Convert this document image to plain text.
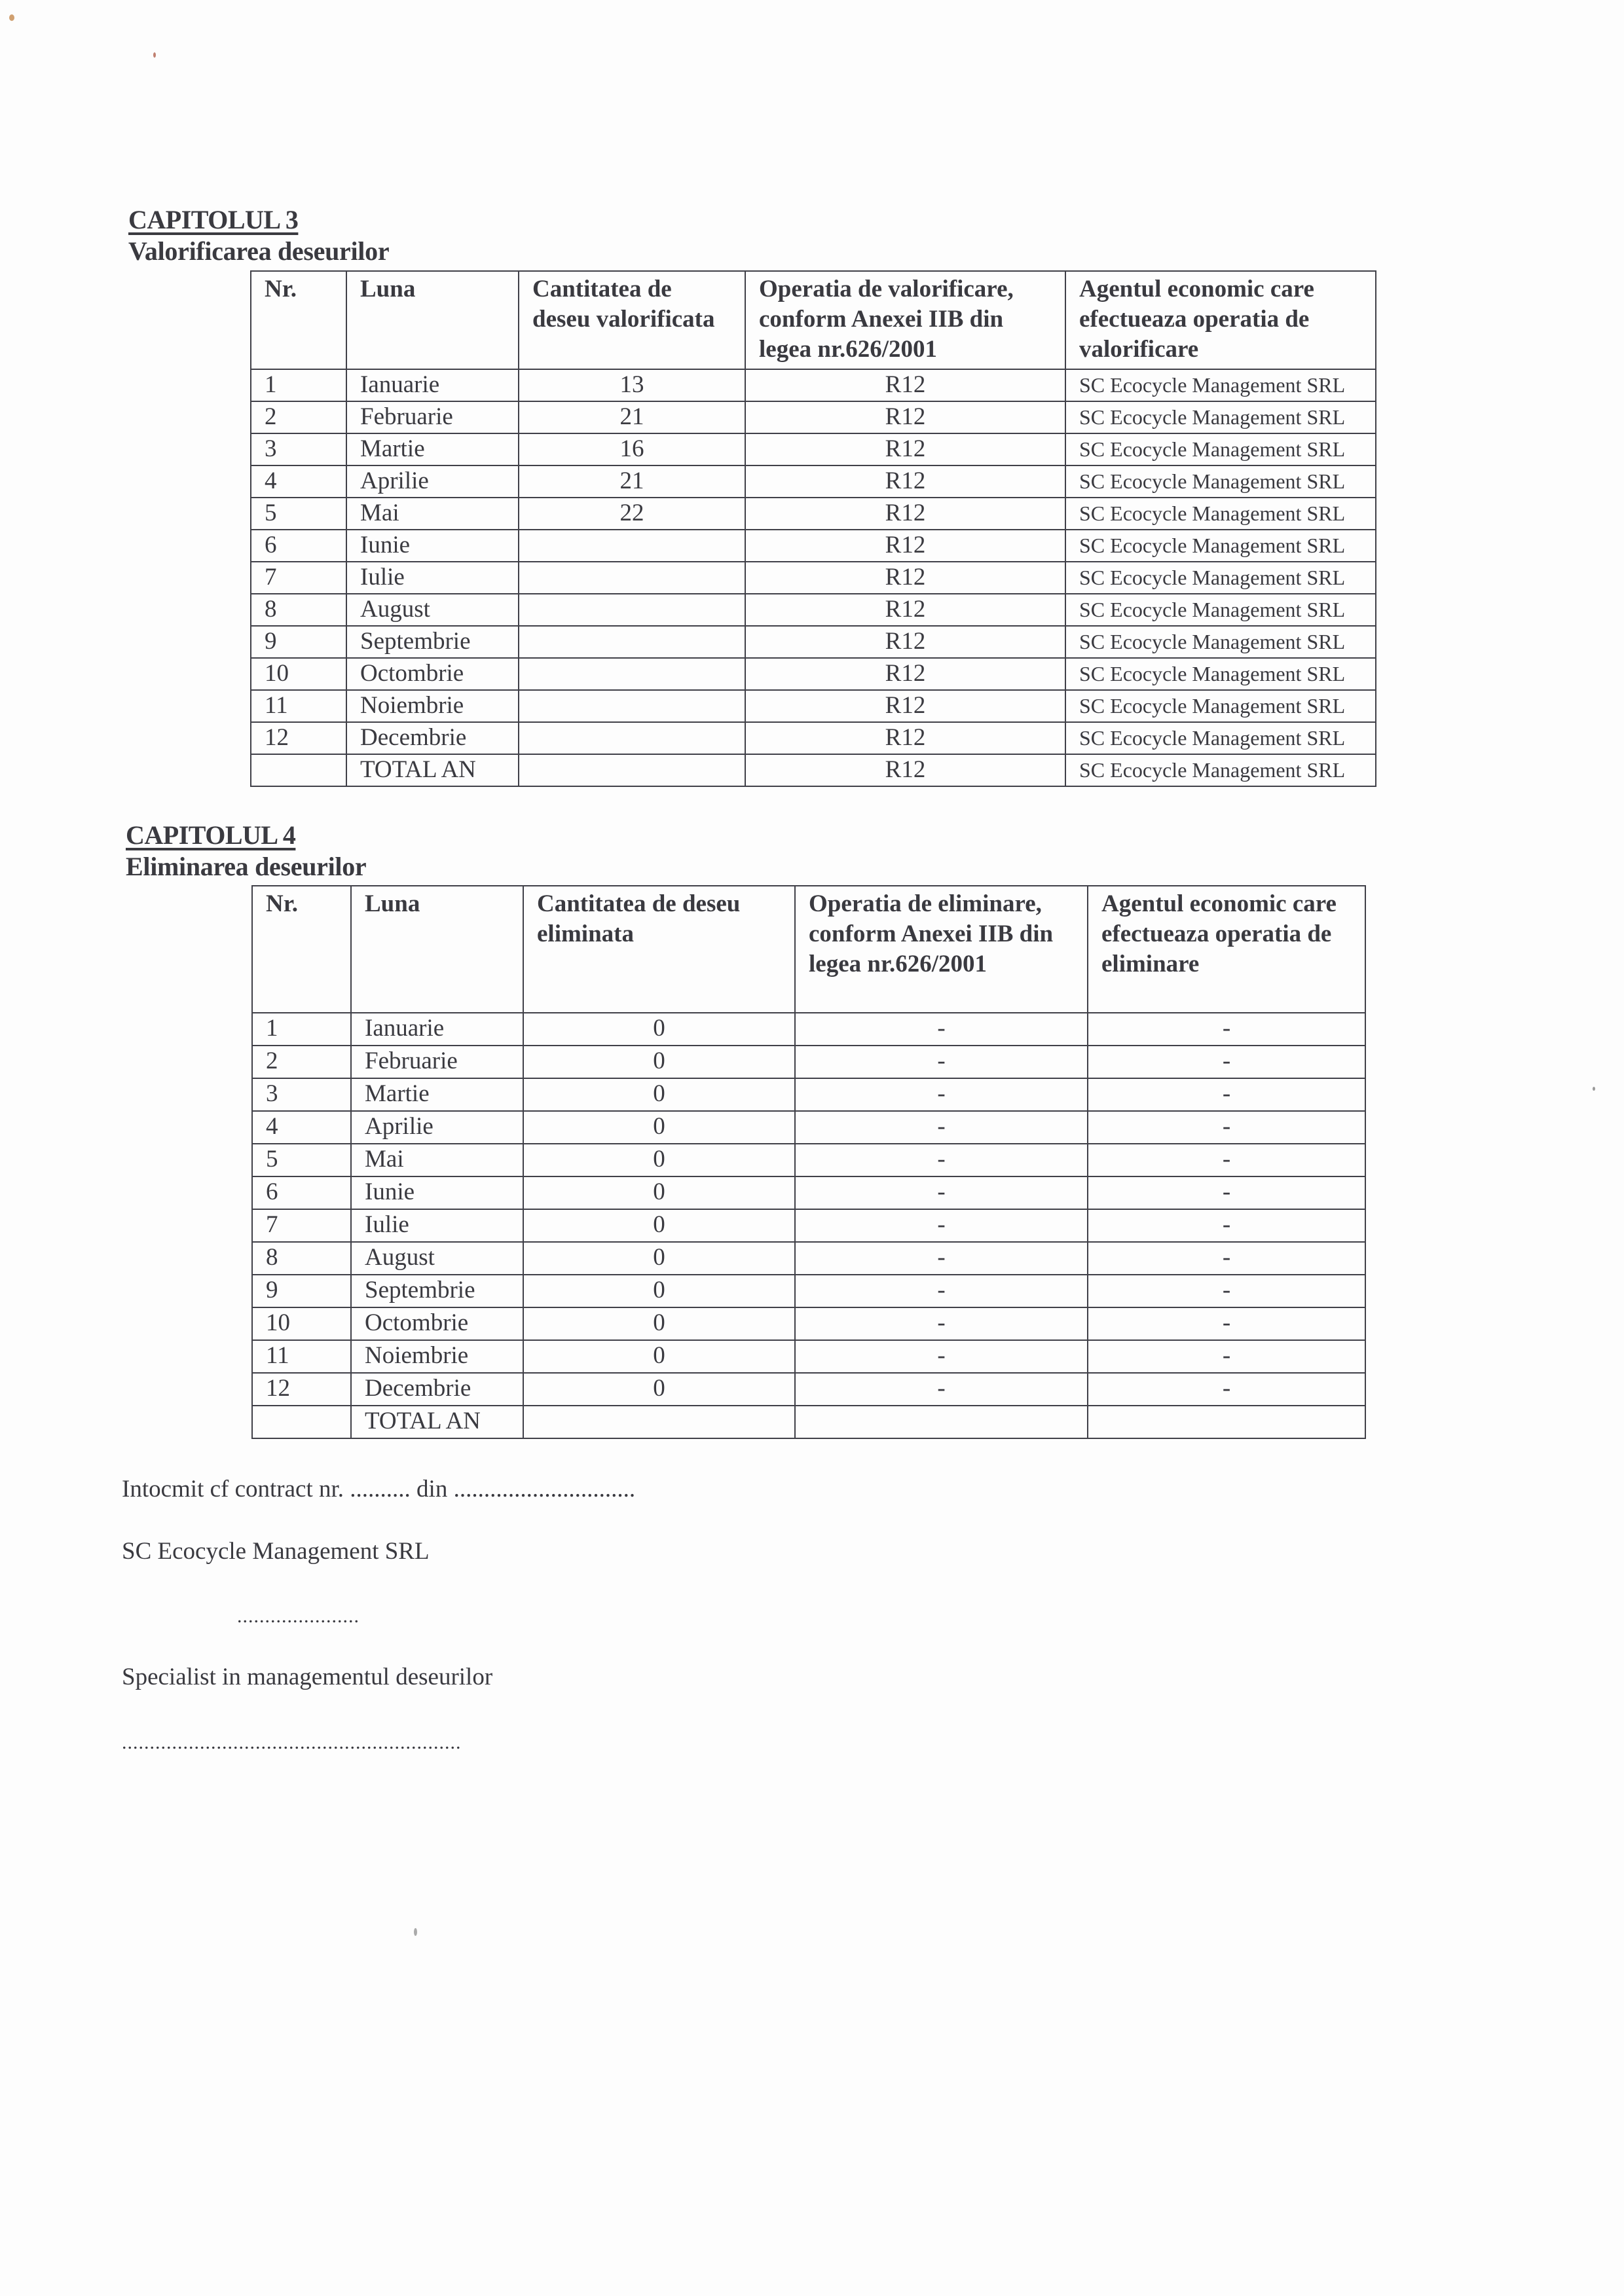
CAPITOLUL 3
Valorificarea deseurilor
Nr.	Luna	Cantitatea de deseu valorificata	Operatia de valorificare, conform Anexei IIB din legea nr.626/2001	Agentul economic care efectueaza operatia de valorificare
1	Ianuarie	13	R12	SC Ecocycle Management SRL
2	Februarie	21	R12	SC Ecocycle Management SRL
3	Martie	16	R12	SC Ecocycle Management SRL
4	Aprilie	21	R12	SC Ecocycle Management SRL
5	Mai	22	R12	SC Ecocycle Management SRL
6	Iunie		R12	SC Ecocycle Management SRL
7	Iulie		R12	SC Ecocycle Management SRL
8	August		R12	SC Ecocycle Management SRL
9	Septembrie		R12	SC Ecocycle Management SRL
10	Octombrie		R12	SC Ecocycle Management SRL
11	Noiembrie		R12	SC Ecocycle Management SRL
12	Decembrie		R12	SC Ecocycle Management SRL
	TOTAL AN		R12	SC Ecocycle Management SRL
CAPITOLUL 4
Eliminarea deseurilor
Nr.	Luna	Cantitatea de deseu eliminata	Operatia de eliminare, conform Anexei IIB din legea nr.626/2001	Agentul economic care efectueaza operatia de eliminare
1	Ianuarie	0	-	-
2	Februarie	0	-	-
3	Martie	0	-	-
4	Aprilie	0	-	-
5	Mai	0	-	-
6	Iunie	0	-	-
7	Iulie	0	-	-
8	August	0	-	-
9	Septembrie	0	-	-
10	Octombrie	0	-	-
11	Noiembrie	0	-	-
12	Decembrie	0	-	-
	TOTAL AN			
Intocmit cf contract nr. .......... din ..............................
SC Ecocycle Management SRL
......................
Specialist in managementul deseurilor
.............................................................
